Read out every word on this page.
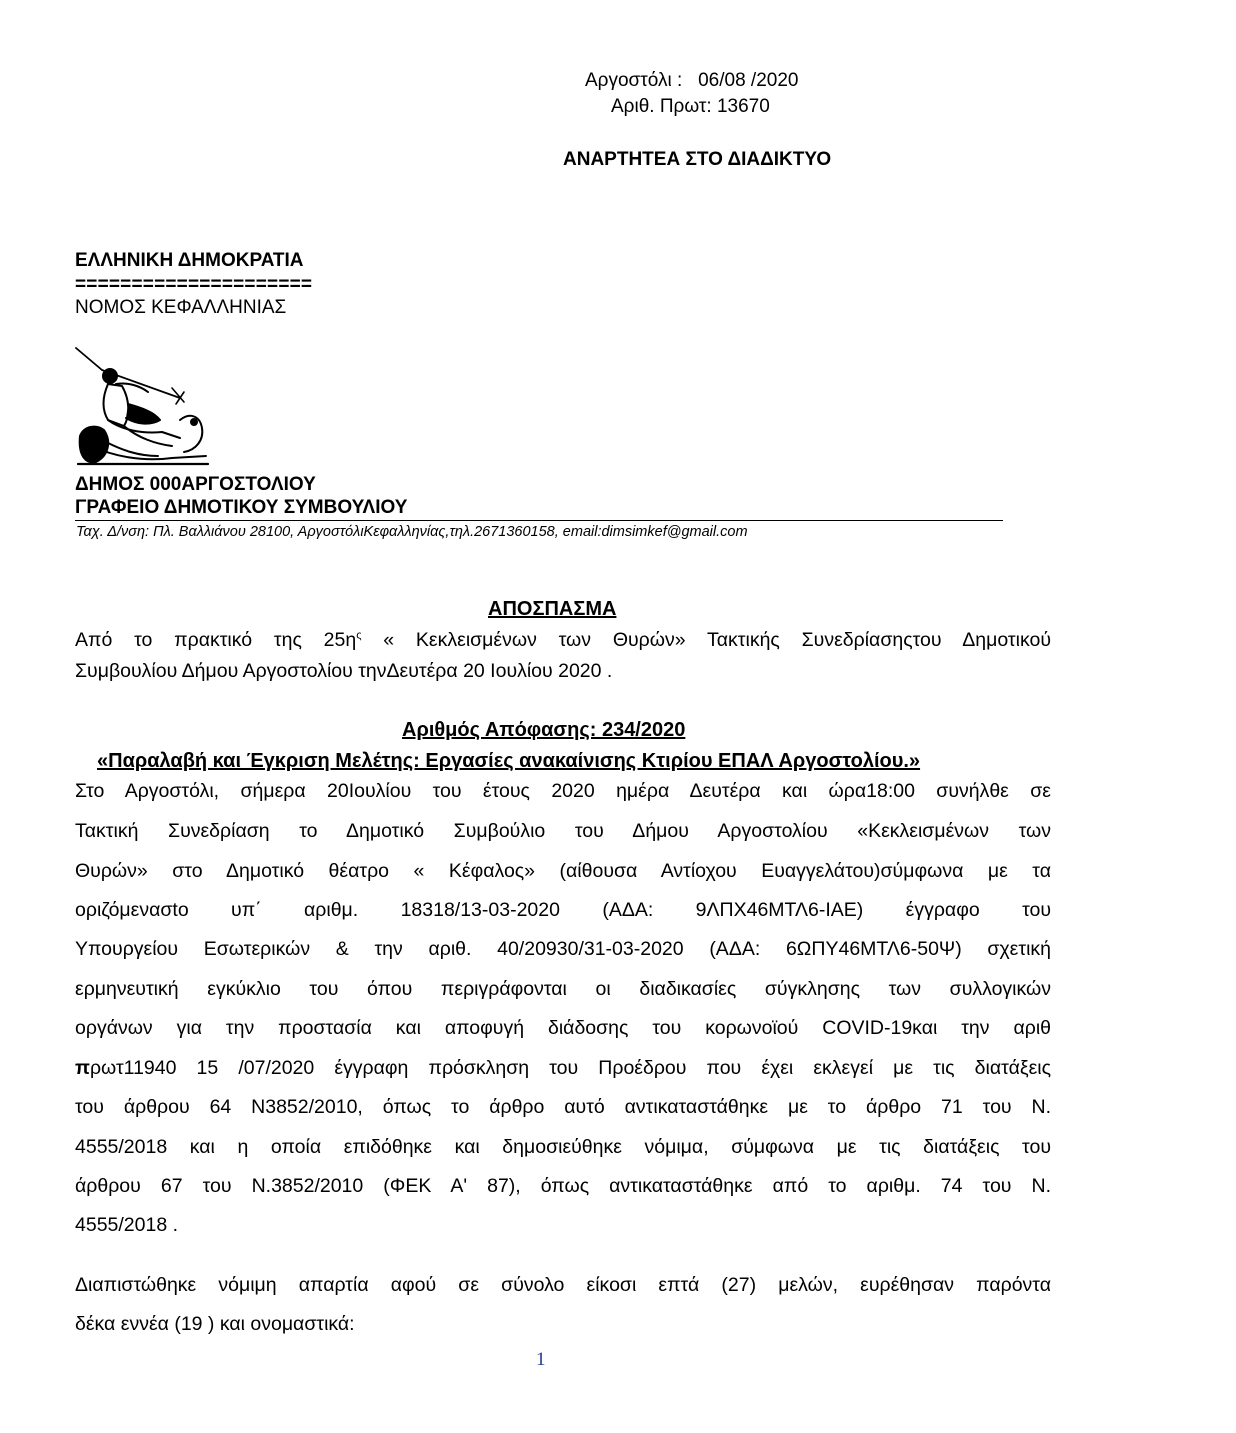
Αργοστόλι : 06/08 /2020
Αριθ. Πρωτ: 13670
ΑΝΑΡΤΗΤΕΑ ΣΤΟ ΔΙΑΔΙΚΤΥΟ
ΕΛΛΗΝΙΚΗ ΔΗΜΟΚΡΑΤΙΑ
=====================
ΝΟΜΟΣ ΚΕΦΑΛΛΗΝΙΑΣ
ΔΗΜΟΣ 000ΑΡΓΟΣΤΟΛΙΟΥ
ΓΡΑΦΕΙΟ ΔΗΜΟΤΙΚΟΥ ΣΥΜΒΟΥΛΙΟΥ
Ταχ. Δ/νση: Πλ. Βαλλιάνου 28100, ΑργοστόλιΚεφαλληνίας,τηλ.2671360158, email:dimsimkef@gmail.com
ΑΠΟΣΠΑΣΜΑ
Από το πρακτικό της $25\eta^\varsigma$ « Κεκλεισμένων των Θυρών» Τακτικής Συνεδρίασηςτου Δημοτικού
Συμβουλίου Δήμου Αργοστολίου τηνΔευτέρα 20 Ιουλίου 2020 .
Αριθμός Απόφασης: 234/2020
«Παραλαβή και Έγκριση Μελέτης: Εργασίες ανακαίνισης Κτιρίου ΕΠΑΛ Αργοστολίου.»
Στο Αργοστόλι, σήμερα 20Ιουλίου του έτους 2020 ημέρα Δευτέρα και ώρα18:00 συνήλθε σε
Τακτική Συνεδρίαση το Δημοτικό Συμβούλιο του Δήμου Αργοστολίου «Κεκλεισμένων των
Θυρών» στο Δημοτικό θέατρο « Κέφαλος» (αίθουσα Αντίοχου Ευαγγελάτου)σύμφωνα με τα
οριζόμενασto υπ΄ αριθμ. 18318/13-03-2020 (ΑΔΑ: 9ΛΠΧ46ΜΤΛ6-ΙΑΕ) έγγραφο του
Υπουργείου Εσωτερικών & την αριθ. 40/20930/31-03-2020 (ΑΔΑ: 6ΩΠΥ46ΜΤΛ6-50Ψ) σχετική
ερμηνευτική εγκύκλιο του όπου περιγράφονται οι διαδικασίες σύγκλησης των συλλογικών
οργάνων για την προστασία και αποφυγή διάδοσης του κορωνοϊού COVID-19και την αριθ
πρωτ11940 15 /07/2020 έγγραφη πρόσκληση του Προέδρου που έχει εκλεγεί με τις διατάξεις
του άρθρου 64 Ν3852/2010, όπως το άρθρο αυτό αντικαταστάθηκε με το άρθρο 71 του Ν.
4555/2018 και η οποία επιδόθηκε και δημοσιεύθηκε νόμιμα, σύμφωνα με τις διατάξεις του
άρθρου 67 του Ν.3852/2010 (ΦΕΚ Α' 87), όπως αντικαταστάθηκε από το αριθμ. 74 του Ν.
4555/2018 .
Διαπιστώθηκε νόμιμη απαρτία αφού σε σύνολο είκοσι επτά (27) μελών, ευρέθησαν παρόντα
δέκα εννέα (19 ) και ονομαστικά:
1
